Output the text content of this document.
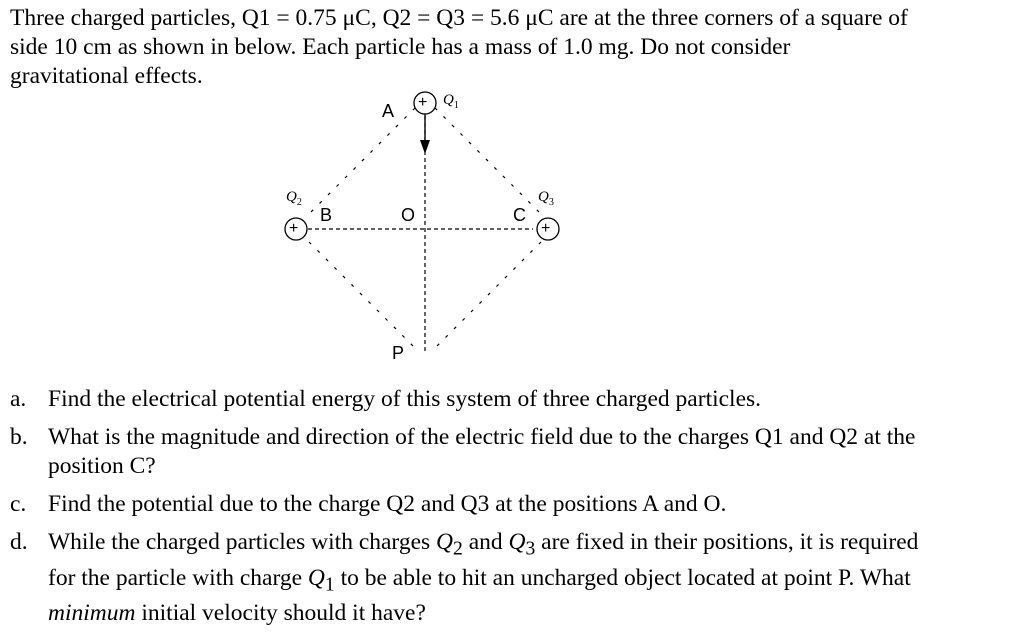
Three charged particles, Q1 = 0.75 μC, Q2 = Q3 = 5.6 μC are at the three corners of a square of
side 10 cm as shown in below. Each particle has a mass of 1.0 mg. Do not consider
gravitational effects.
+
+	+
A
B	O	C
P
$Q_1$
$Q_2$	$Q_3$
a. Find the electrical potential energy of this system of three charged particles.
b. What is the magnitude and direction of the electric field due to the charges Q1 and Q2 at the
position C?
c. Find the potential due to the charge Q2 and Q3 at the positions A and O.
d. While the charged particles with charges $Q_2$ and $Q_3$ are fixed in their positions, it is required
for the particle with charge $Q_1$ to be able to hit an uncharged object located at point P. What
minimum initial velocity should it have?
